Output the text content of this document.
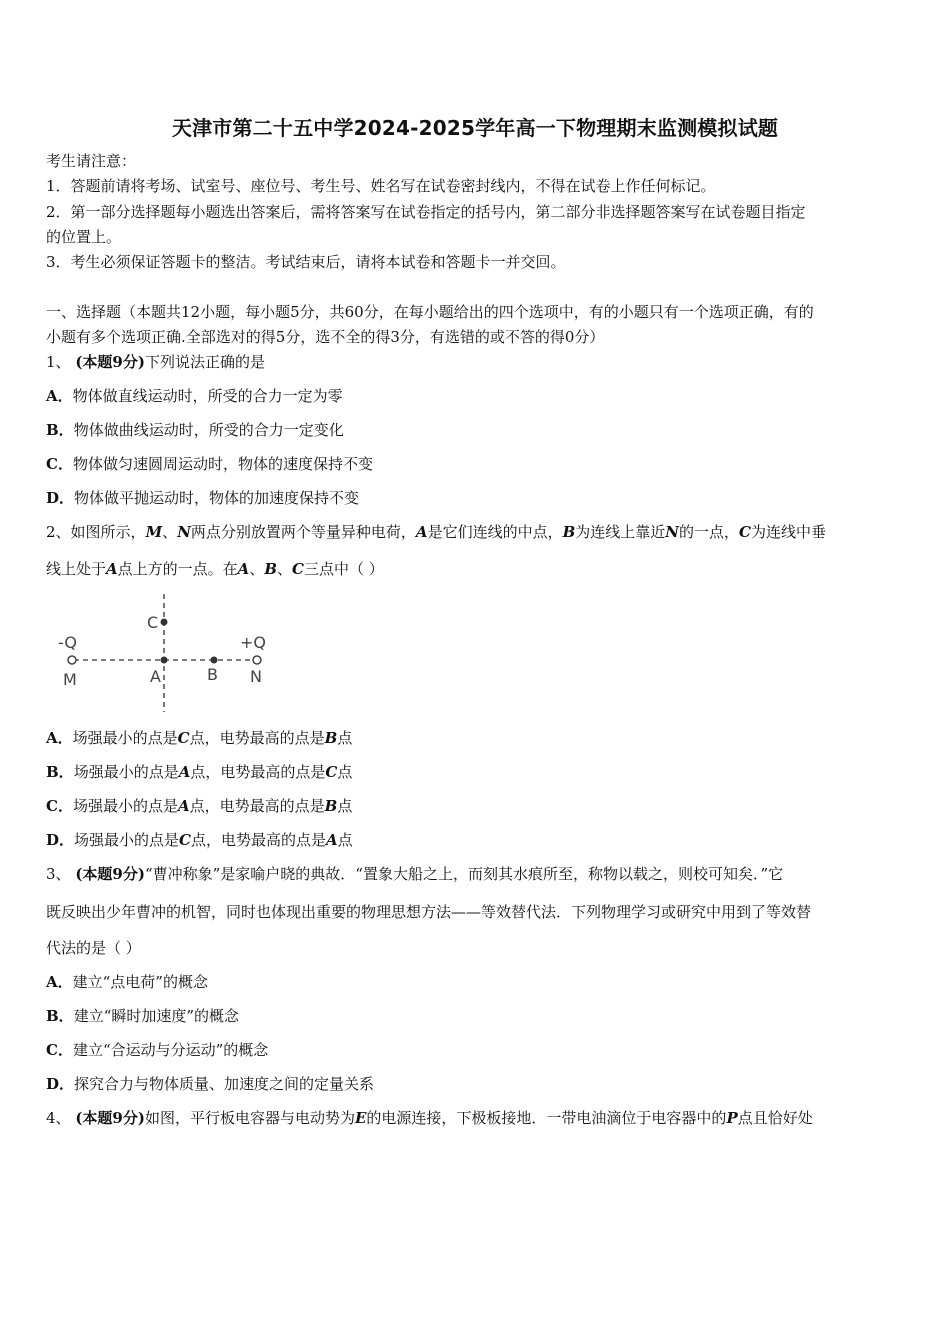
天津市第二十五中学2024-2025学年高一下物理期末监测模拟试题
考生请注意：
1．答题前请将考场、试室号、座位号、考生号、姓名写在试卷密封线内，不得在试卷上作任何标记。
2．第一部分选择题每小题选出答案后，需将答案写在试卷指定的括号内，第二部分非选择题答案写在试卷题目指定
的位置上。
3．考生必须保证答题卡的整洁。考试结束后，请将本试卷和答题卡一并交回。
一、选择题（本题共12小题，每小题5分，共60分，在每小题给出的四个选项中，有的小题只有一个选项正确，有的
小题有多个选项正确.全部选对的得5分，选不全的得3分，有选错的或不答的得0分）
1、 (本题9分)下列说法正确的是
A．物体做直线运动时，所受的合力一定为零
B．物体做曲线运动时，所受的合力一定变化
C．物体做匀速圆周运动时，物体的速度保持不变
D．物体做平抛运动时，物体的加速度保持不变
2、如图所示，M、N两点分别放置两个等量异种电荷，A是它们连线的中点，B为连线上靠近N的一点，C为连线中垂
线上处于A点上方的一点。在A、B、C三点中（ ）
-Q	+Q
M	N
A	B
C
A．场强最小的点是C点，电势最高的点是B点
B．场强最小的点是A点，电势最高的点是C点
C．场强最小的点是A点，电势最高的点是B点
D．场强最小的点是C点，电势最高的点是A点
3、 (本题9分)“曹冲称象”是家喻户晓的典故．“置象大船之上，而刻其水痕所至，称物以载之，则校可知矣．”它
既反映出少年曹冲的机智，同时也体现出重要的物理思想方法——等效替代法．下列物理学习或研究中用到了等效替
代法的是（ ）
A．建立“点电荷”的概念
B．建立“瞬时加速度”的概念
C．建立“合运动与分运动”的概念
D．探究合力与物体质量、加速度之间的定量关系
4、 (本题9分)如图，平行板电容器与电动势为E的电源连接，下极板接地．一带电油滴位于电容器中的P点且恰好处
